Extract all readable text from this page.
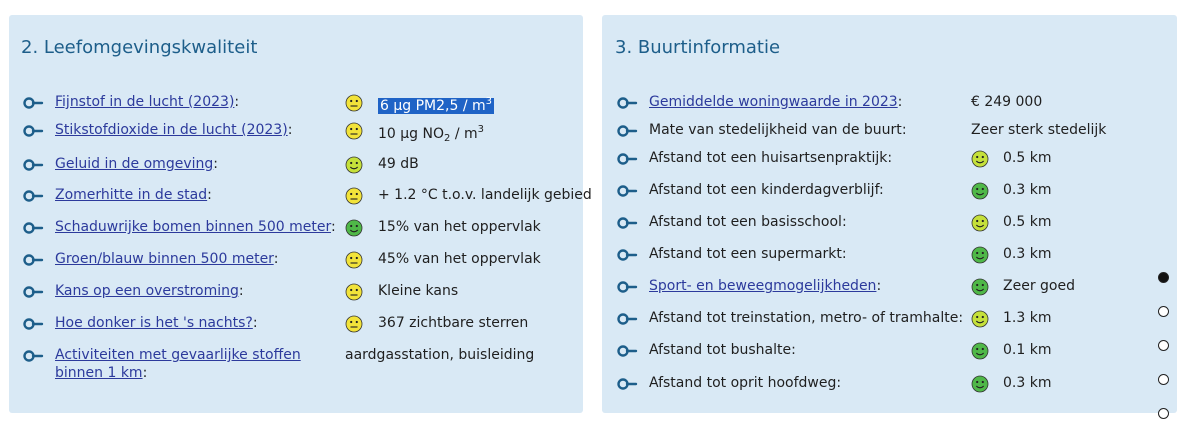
2. Leefomgevingskwaliteit	3. Buurtinformatie
Fijnstof in de lucht (2023):	6 µg $PM2,5 / m^3$
Stikstofdioxide in de lucht (2023):	10 µg $NO_2 / m^3$
Geluid in de omgeving:	49 dB
Zomerhitte in de stad:	+ 1.2 °C t.o.v. landelijk gebied
Schaduwrijke bomen binnen 500 meter:	15% van het oppervlak
Groen/blauw binnen 500 meter:	45% van het oppervlak
Kans op een overstroming:	Kleine kans
Hoe donker is het 's nachts?:	367 zichtbare sterren
Activiteiten met gevaarlijke stoffen
binnen 1 km:
aardgasstation, buisleiding
Gemiddelde woningwaarde in 2023:	€ 249 000
Mate van stedelijkheid van de buurt:	Zeer sterk stedelijk
Afstand tot een huisartsenpraktijk:	0.5 km
Afstand tot een kinderdagverblijf:	0.3 km
Afstand tot een basisschool:	0.5 km
Afstand tot een supermarkt:	0.3 km
Sport- en beweegmogelijkheden:	Zeer goed
Afstand tot treinstation, metro- of tramhalte:	1.3 km
Afstand tot bushalte:	0.1 km
Afstand tot oprit hoofdweg:	0.3 km
